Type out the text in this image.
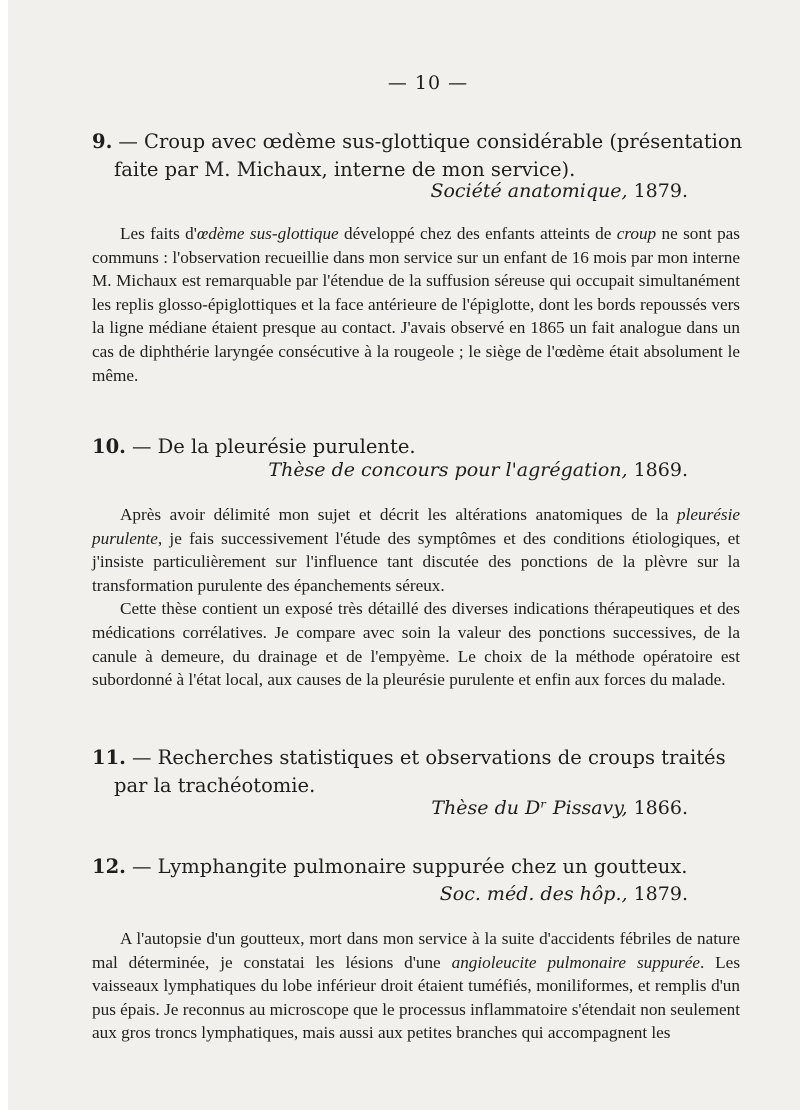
— 10 —
9. — Croup avec œdème sus-glottique considérable (présentation faite par M. Michaux, interne de mon service).
Société anatomique, 1879.

Les faits d'œdème sus-glottique développé chez des enfants atteints de croup ne sont pas communs : l'observation recueillie dans mon service sur un enfant de 16 mois par mon interne M. Michaux est remarquable par l'étendue de la suffusion séreuse qui occupait simultanément les replis glosso-épiglottiques et la face antérieure de l'épiglotte, dont les bords repoussés vers la ligne médiane étaient presque au contact. J'avais observé en 1865 un fait analogue dans un cas de diphthérie laryngée consécutive à la rougeole ; le siège de l'œdème était absolument le même.

10. — De la pleurésie purulente.
Thèse de concours pour l'agrégation, 1869.

Après avoir délimité mon sujet et décrit les altérations anatomiques de la pleurésie purulente, je fais successivement l'étude des symptômes et des conditions étiologiques, et j'insiste particulièrement sur l'influence tant discutée des ponctions de la plèvre sur la transformation purulente des épanchements séreux.

Cette thèse contient un exposé très détaillé des diverses indications thérapeutiques et des médications corrélatives. Je compare avec soin la valeur des ponctions successives, de la canule à demeure, du drainage et de l'empyème. Le choix de la méthode opératoire est subordonné à l'état local, aux causes de la pleurésie purulente et enfin aux forces du malade.

11. — Recherches statistiques et observations de croups traités par la trachéotomie.
Thèse du Dʳ Pissavy, 1866.
12. — Lymphangite pulmonaire suppurée chez un goutteux.
Soc. méd. des hôp., 1879.

A l'autopsie d'un goutteux, mort dans mon service à la suite d'accidents fébriles de nature mal déterminée, je constatai les lésions d'une angioleucite pulmonaire suppurée. Les vaisseaux lymphatiques du lobe inférieur droit étaient tuméfiés, moniliformes, et remplis d'un pus épais. Je reconnus au microscope que le processus inflammatoire s'étendait non seulement aux gros troncs lymphatiques, mais aussi aux petites branches qui accompagnent les
